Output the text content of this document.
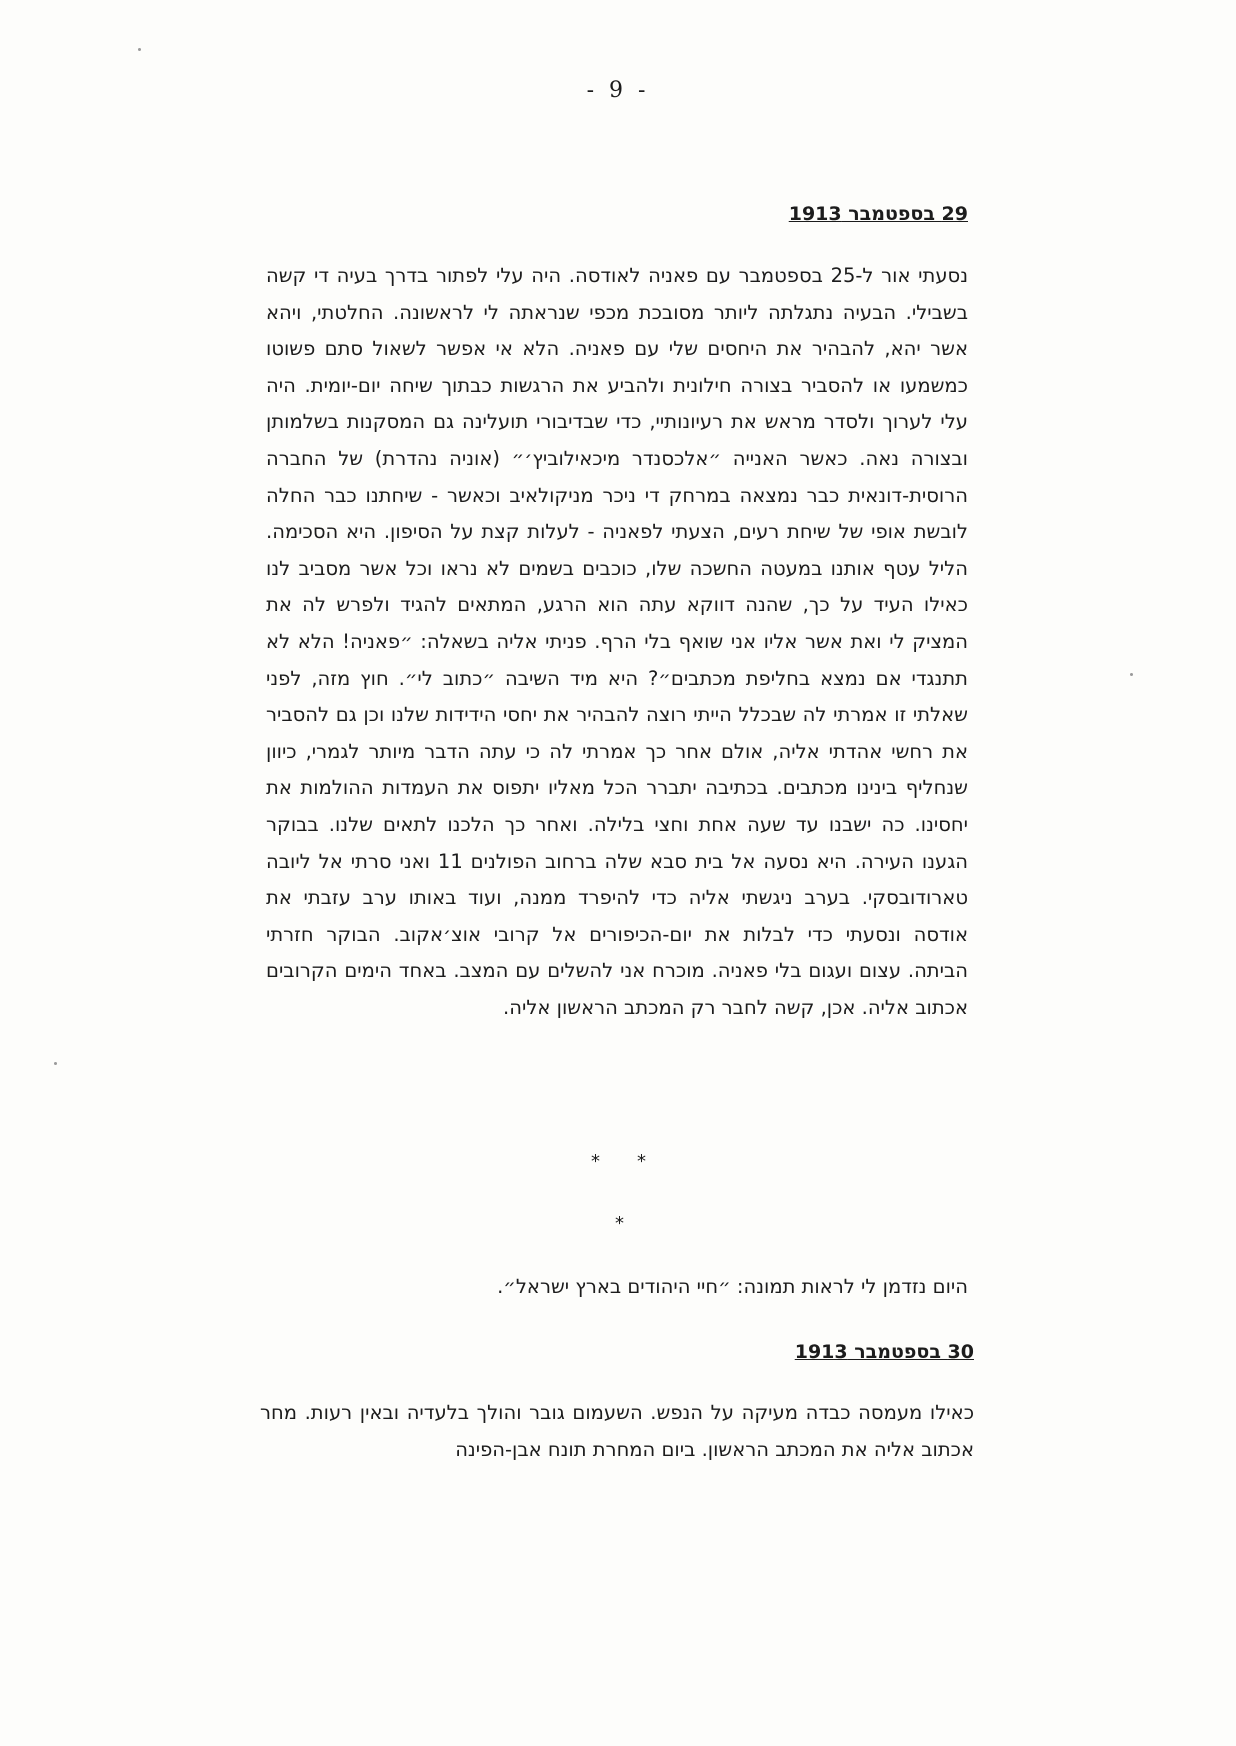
- 9 -
29 בספטמבר 1913

נסעתי אור ל-25 בספטמבר עם פאניה לאודסה. היה עלי לפתור בדרך בעיה די קשה בשבילי. הבעיה נתגלתה ליותר מסובכת מכפי שנראתה לי לראשונה. החלטתי, ויהא אשר יהא, להבהיר את היחסים שלי עם פאניה. הלא אי אפשר לשאול סתם פשוטו כמשמעו או להסביר בצורה חילונית ולהביע את הרגשות כבתוך שיחה יום-יומית. היה עלי לערוך ולסדר מראש את רעיונותיי, כדי שבדיבורי תועלינה גם המסקנות בשלמותן ובצורה נאה. כאשר האנייה ״אלכסנדר מיכאילוביץ׳״ (אוניה נהדרת) של החברה הרוסית-דונאית כבר נמצאה במרחק די ניכר מניקולאיב וכאשר - שיחתנו כבר החלה לובשת אופי של שיחת רעים, הצעתי לפאניה - לעלות קצת על הסיפון. היא הסכימה. הליל עטף אותנו במעטה החשכה שלו, כוכבים בשמים לא נראו וכל אשר מסביב לנו כאילו העיד על כך, שהנה דווקא עתה הוא הרגע, המתאים להגיד ולפרש לה את המציק לי ואת אשר אליו אני שואף בלי הרף. פניתי אליה בשאלה: ״פאניה! הלא לא תתנגדי אם נמצא בחליפת מכתבים״? היא מיד השיבה ״כתוב לי״. חוץ מזה, לפני שאלתי זו אמרתי לה שבכלל הייתי רוצה להבהיר את יחסי הידידות שלנו וכן גם להסביר את רחשי אהדתי אליה, אולם אחר כך אמרתי לה כי עתה הדבר מיותר לגמרי, כיוון שנחליף בינינו מכתבים. בכתיבה יתברר הכל מאליו יתפוס את העמדות ההולמות את יחסינו. כה ישבנו עד שעה אחת וחצי בלילה. ואחר כך הלכנו לתאים שלנו. בבוקר הגענו העירה. היא נסעה אל בית סבא שלה ברחוב הפולנים 11 ואני סרתי אל ליובה טארודובסקי. בערב ניגשתי אליה כדי להיפרד ממנה, ועוד באותו ערב עזבתי את אודסה ונסעתי כדי לבלות את יום-הכיפורים אל קרובי אוצ׳אקוב. הבוקר חזרתי הביתה. עצום ועגום בלי פאניה. מוכרח אני להשלים עם המצב. באחד הימים הקרובים אכתוב אליה. אכן, קשה לחבר רק המכתב הראשון אליה.

* *
*
היום נזדמן לי לראות תמונה: ״חיי היהודים בארץ ישראל״.
30 בספטמבר 1913

כאילו מעמסה כבדה מעיקה על הנפש. השעמום גובר והולך בלעדיה ובאין רעות. מחר אכתוב אליה את המכתב הראשון. ביום המחרת תונח אבן-הפינה
